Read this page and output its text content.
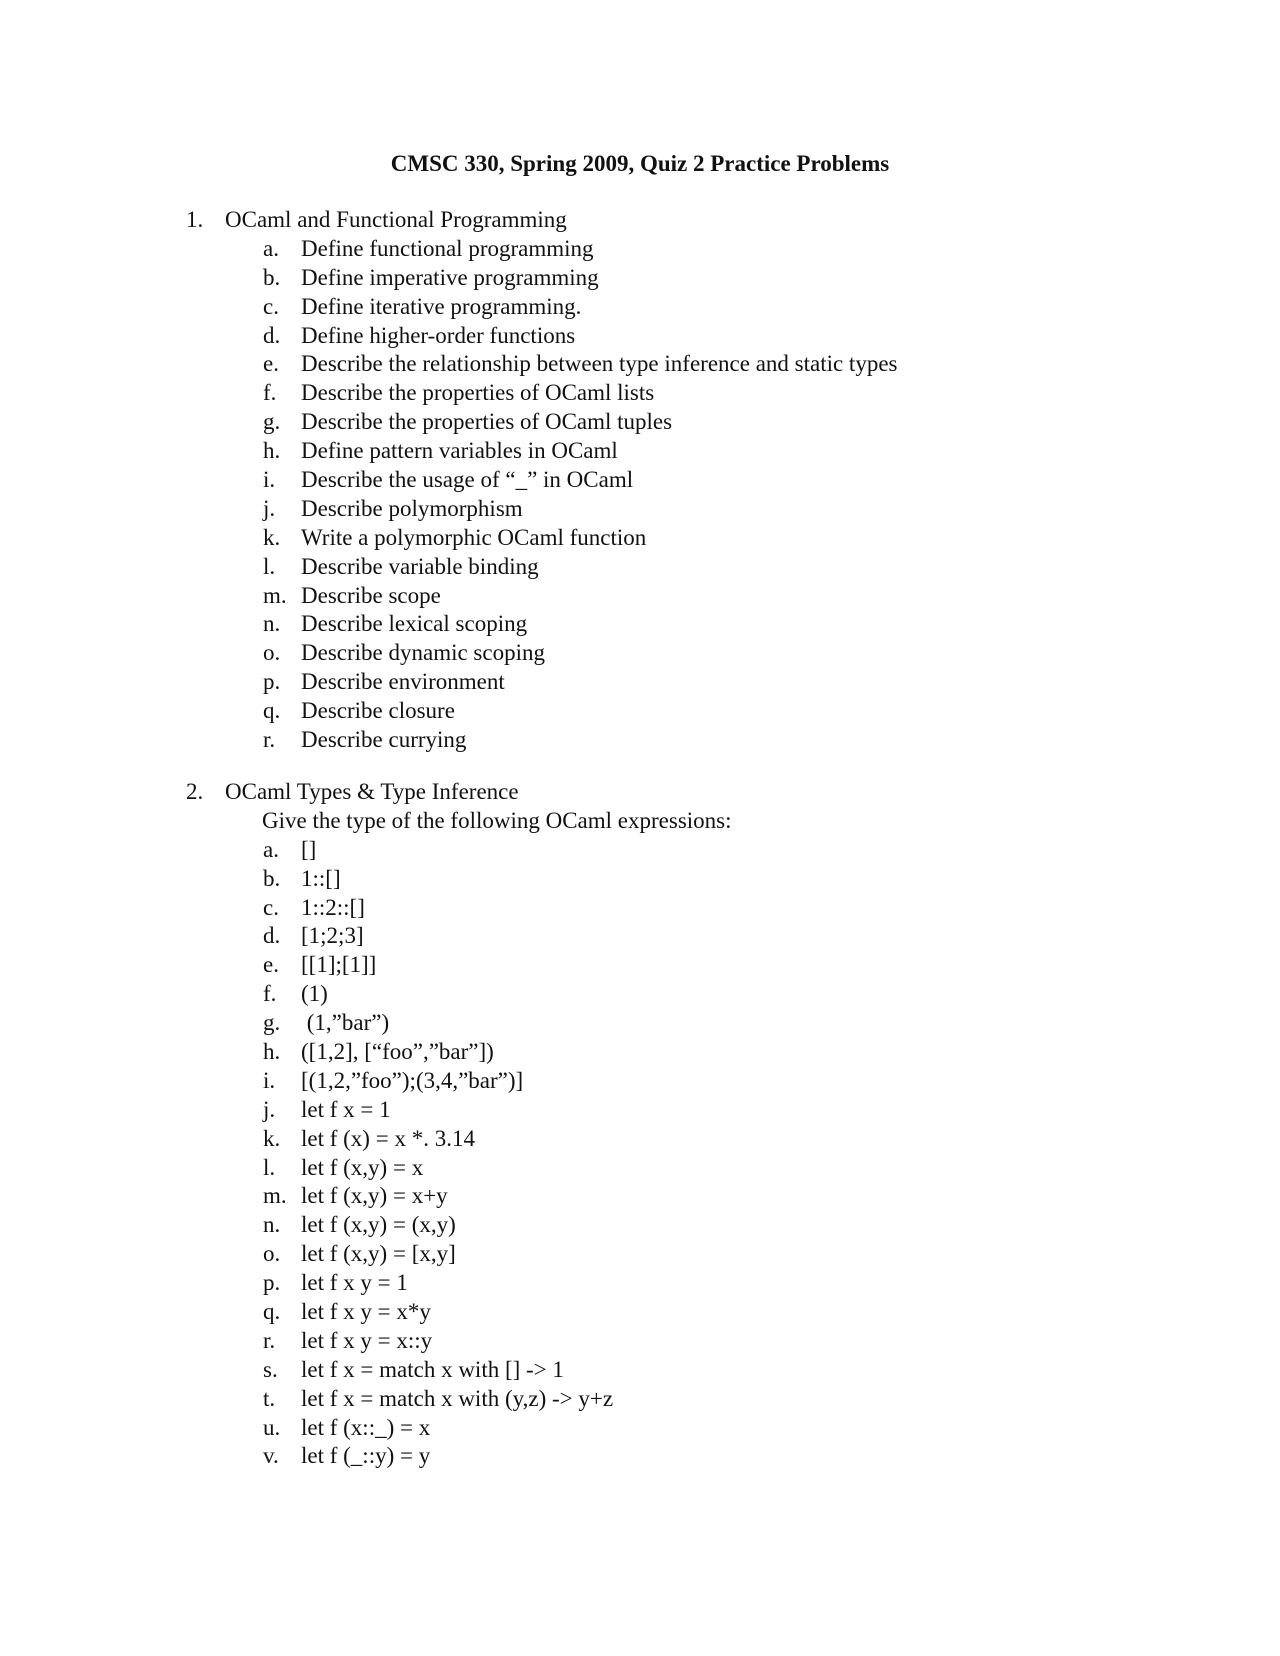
CMSC 330, Spring 2009, Quiz 2 Practice Problems
1. OCaml and Functional Programming
a. Define functional programming
b. Define imperative programming
c. Define iterative programming.
d. Define higher-order functions
e. Describe the relationship between type inference and static types
f. Describe the properties of OCaml lists
g. Describe the properties of OCaml tuples
h. Define pattern variables in OCaml
i. Describe the usage of “_” in OCaml
j. Describe polymorphism
k. Write a polymorphic OCaml function
l. Describe variable binding
m. Describe scope
n. Describe lexical scoping
o. Describe dynamic scoping
p. Describe environment
q. Describe closure
r. Describe currying
2. OCaml Types & Type Inference
Give the type of the following OCaml expressions:
a. []
b. 1::[]
c. 1::2::[]
d. [1;2;3]
e. [[1];[1]]
f. (1)
g. (1,”bar”)
h. ([1,2], [“foo”,”bar”])
i. [(1,2,”foo”);(3,4,”bar”)]
j. let f x = 1
k. let f (x) = x *. 3.14
l. let f (x,y) = x
m. let f (x,y) = x+y
n. let f (x,y) = (x,y)
o. let f (x,y) = [x,y]
p. let f x y = 1
q. let f x y = x*y
r. let f x y = x::y
s. let f x = match x with [] -> 1
t. let f x = match x with (y,z) -> y+z
u. let f (x::_) = x
v. let f (_::y) = y
